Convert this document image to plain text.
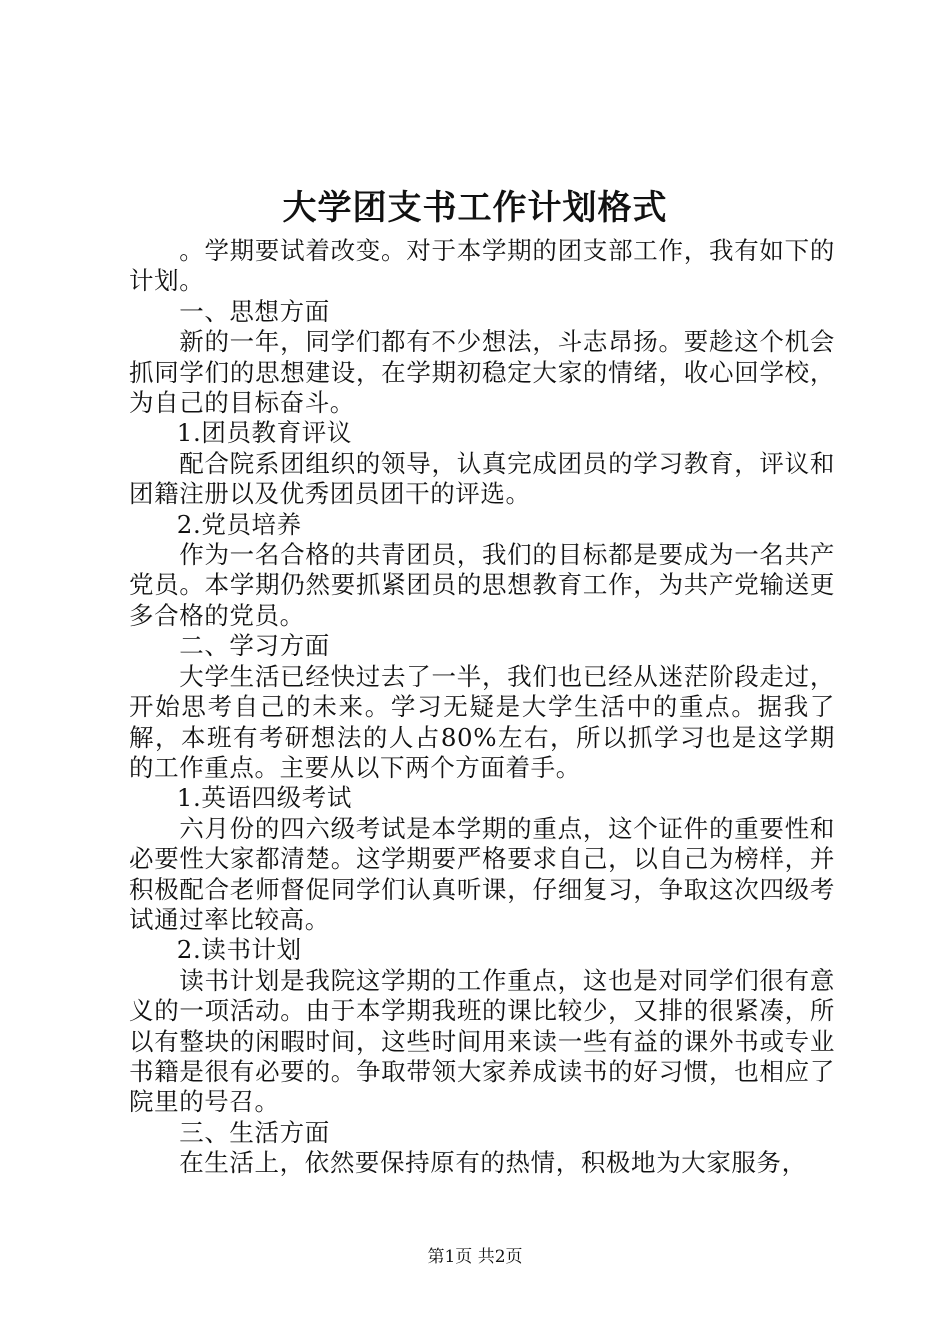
大学团支书工作计划格式

。学期要试着改变。对于本学期的团支部工作，我有如下的计划。

一、思想方面

新的一年，同学们都有不少想法，斗志昂扬。要趁这个机会抓同学们的思想建设，在学期初稳定大家的情绪，收心回学校，为自己的目标奋斗。

1.团员教育评议

配合院系团组织的领导，认真完成团员的学习教育，评议和团籍注册以及优秀团员团干的评选。

2.党员培养

作为一名合格的共青团员，我们的目标都是要成为一名共产党员。本学期仍然要抓紧团员的思想教育工作，为共产党输送更多合格的党员。

二、学习方面

大学生活已经快过去了一半，我们也已经从迷茫阶段走过，开始思考自己的未来。学习无疑是大学生活中的重点。据我了解，本班有考研想法的人占80%左右，所以抓学习也是这学期的工作重点。主要从以下两个方面着手。

1.英语四级考试

六月份的四六级考试是本学期的重点，这个证件的重要性和必要性大家都清楚。这学期要严格要求自己，以自己为榜样，并积极配合老师督促同学们认真听课，仔细复习，争取这次四级考试通过率比较高。

2.读书计划

读书计划是我院这学期的工作重点，这也是对同学们很有意义的一项活动。由于本学期我班的课比较少，又排的很紧凑，所以有整块的闲暇时间，这些时间用来读一些有益的课外书或专业书籍是很有必要的。争取带领大家养成读书的好习惯，也相应了院里的号召。

三、生活方面

在生活上，依然要保持原有的热情，积极地为大家服务，

第1页 共2页
